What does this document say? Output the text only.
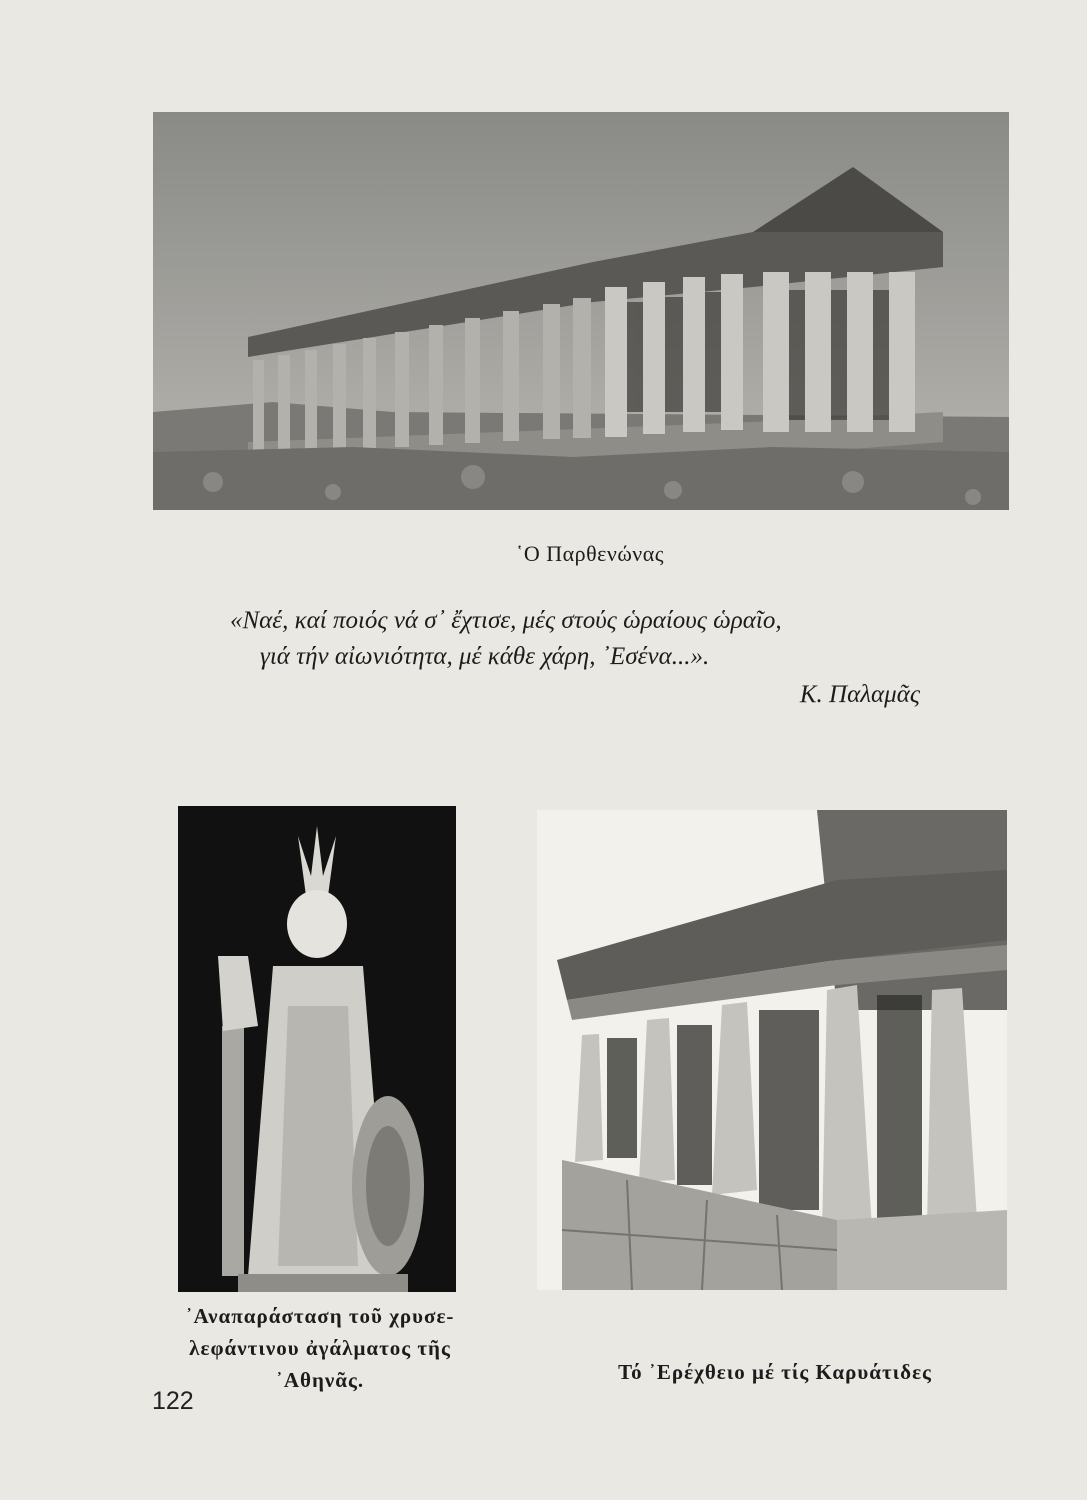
῾Ο Παρθενώνας
«Ναέ, καί ποιός νά σ᾽ ἔχτισε, μές στούς ὡραίους ὡραῖο,
γιά τήν αἰωνιότητα, μέ κάθε χάρη, ᾿Εσένα...».
Κ. Παλαμᾶς
᾿Αναπαράσταση τοῦ χρυσε-
λεφάντινου ἀγάλματος τῆς
᾿Αθηνᾶς.	Τό ᾿Ερέχθειο μέ τίς Καρυάτιδες
122
